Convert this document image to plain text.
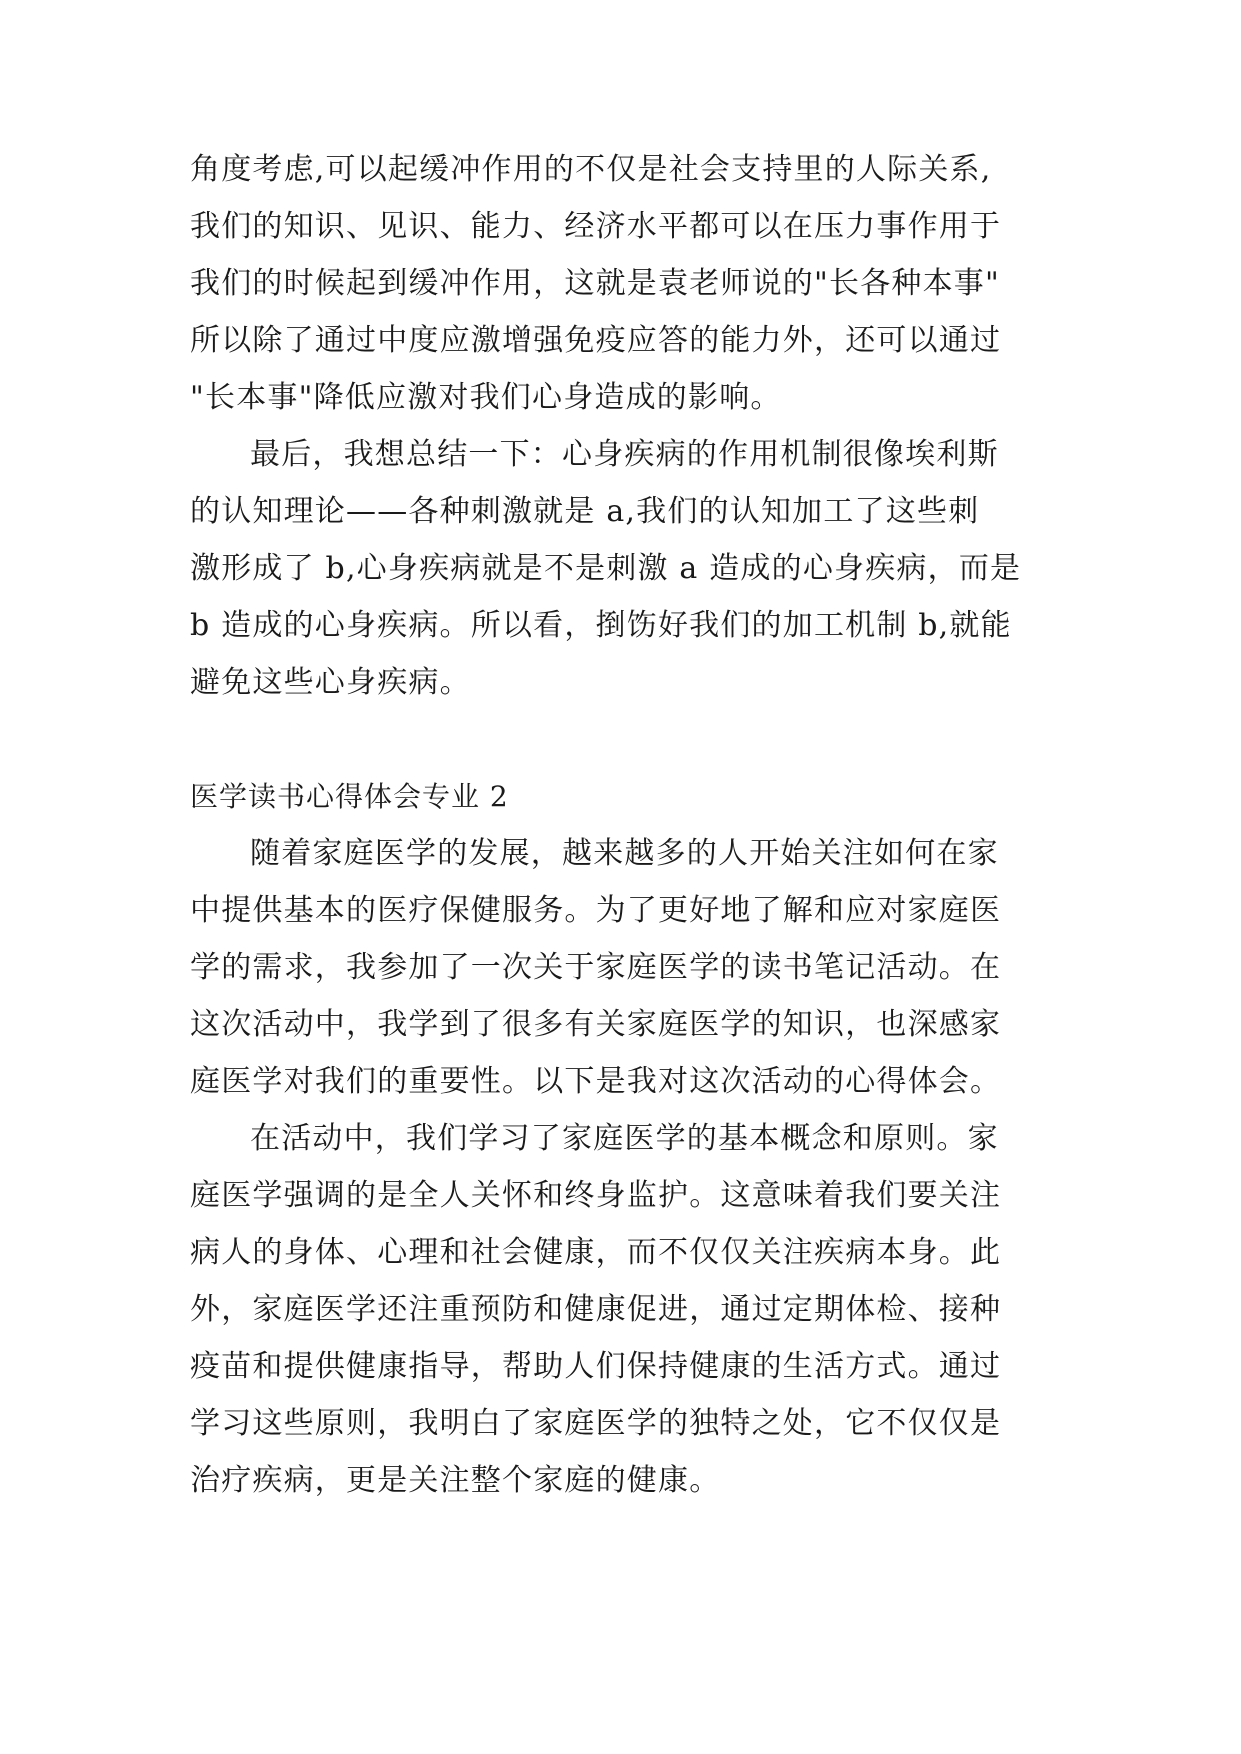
角度考虑,可以起缓冲作用的不仅是社会支持里的人际关系,
我们的知识、见识、能力、经济水平都可以在压力事作用于
我们的时候起到缓冲作用，这就是袁老师说的"长各种本事"
所以除了通过中度应激增强免疫应答的能力外，还可以通过
"长本事"降低应激对我们心身造成的影响。
最后，我想总结一下：心身疾病的作用机制很像埃利斯
的认知理论——各种刺激就是 a,我们的认知加工了这些刺
激形成了 b,心身疾病就是不是刺激 a 造成的心身疾病，而是
b 造成的心身疾病。所以看，捯饬好我们的加工机制 b,就能
避免这些心身疾病。
医学读书心得体会专业 2
随着家庭医学的发展，越来越多的人开始关注如何在家
中提供基本的医疗保健服务。为了更好地了解和应对家庭医
学的需求，我参加了一次关于家庭医学的读书笔记活动。在
这次活动中，我学到了很多有关家庭医学的知识，也深感家
庭医学对我们的重要性。以下是我对这次活动的心得体会。
在活动中，我们学习了家庭医学的基本概念和原则。家
庭医学强调的是全人关怀和终身监护。这意味着我们要关注
病人的身体、心理和社会健康，而不仅仅关注疾病本身。此
外，家庭医学还注重预防和健康促进，通过定期体检、接种
疫苗和提供健康指导，帮助人们保持健康的生活方式。通过
学习这些原则，我明白了家庭医学的独特之处，它不仅仅是
治疗疾病，更是关注整个家庭的健康。
